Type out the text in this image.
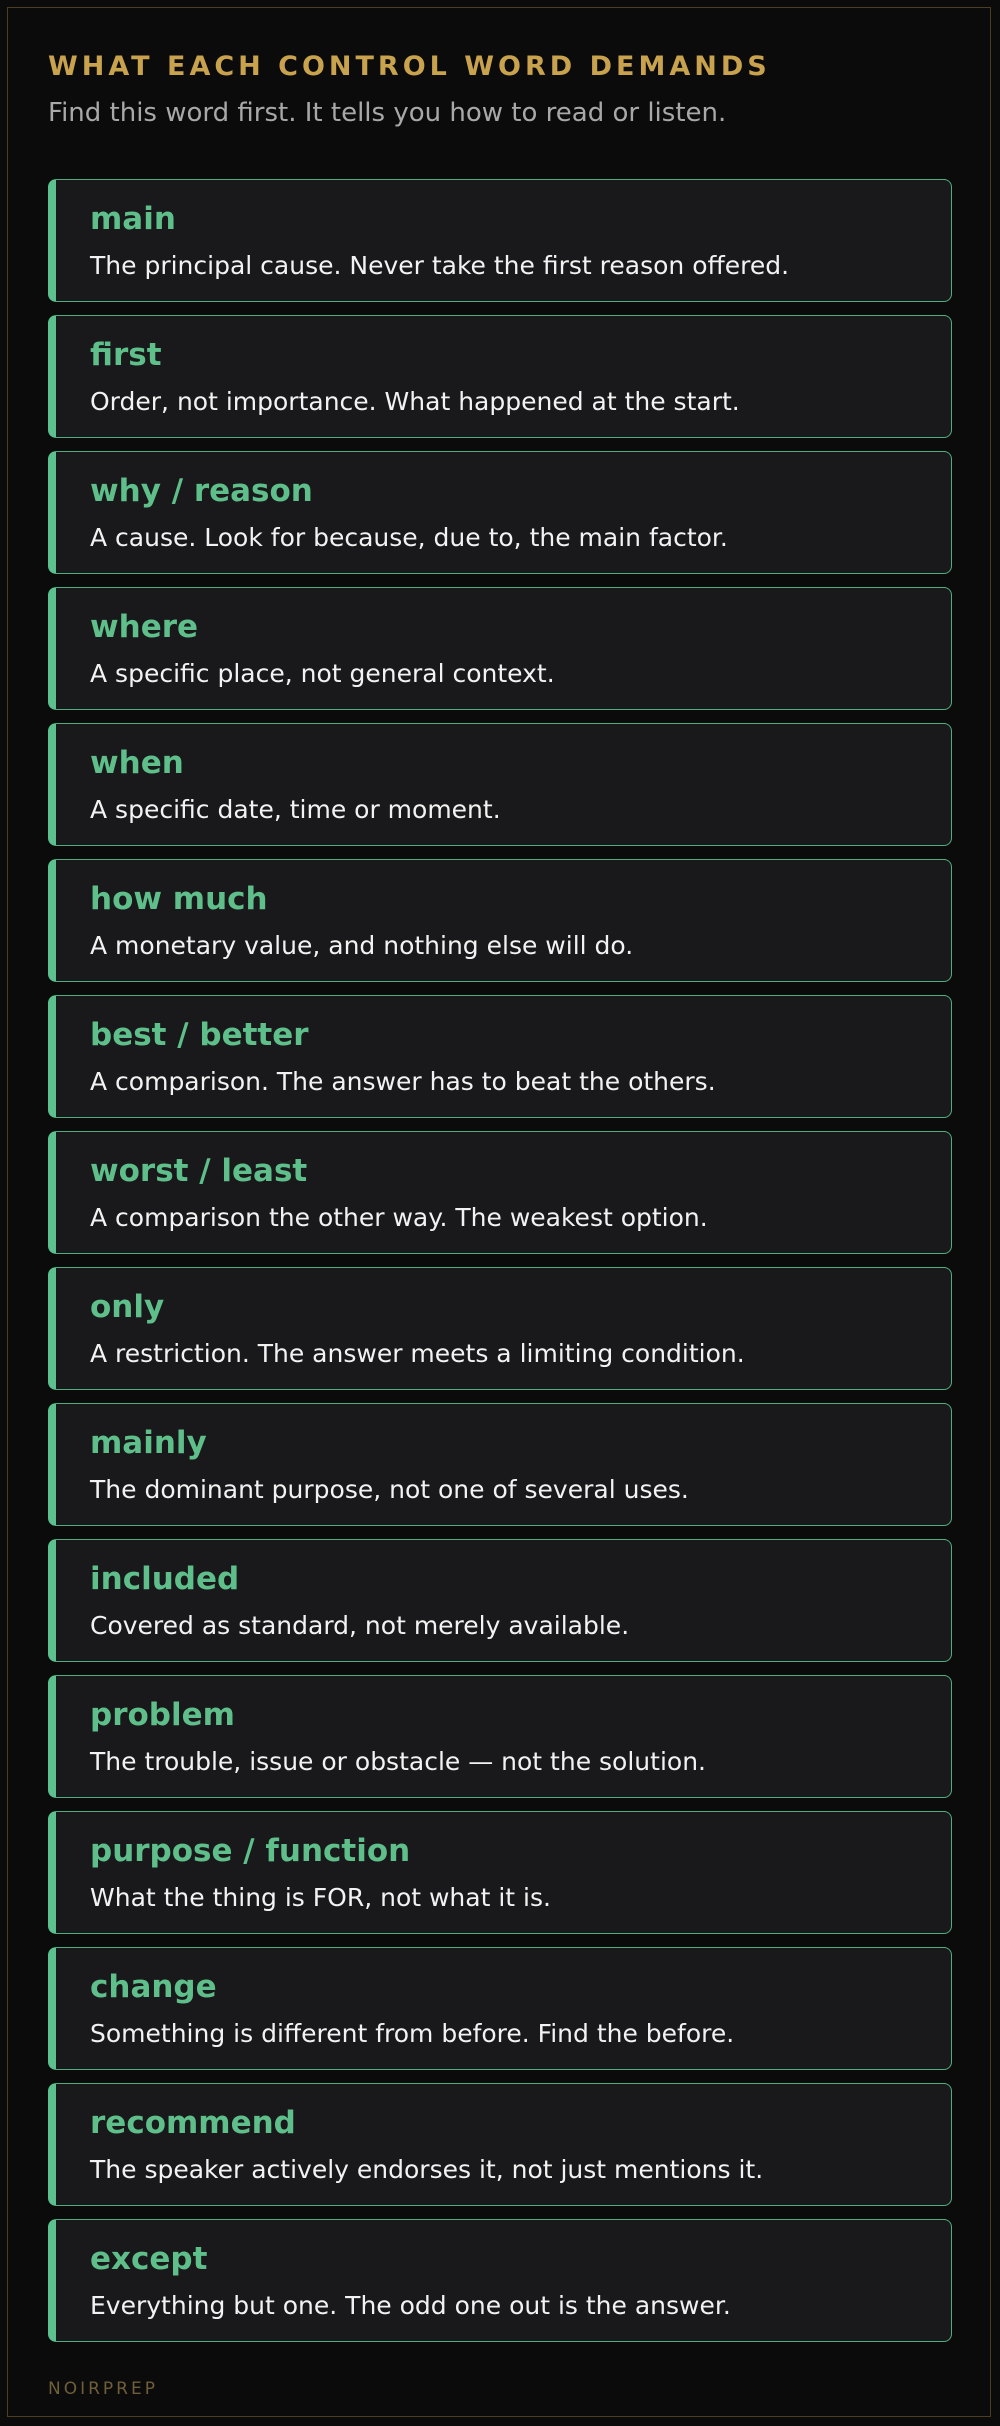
WHAT EACH CONTROL WORD DEMANDS

Find this word first. It tells you how to read or listen.

main
The principal cause. Never take the first reason offered.
first
Order, not importance. What happened at the start.
why / reason
A cause. Look for because, due to, the main factor.
where
A specific place, not general context.
when
A specific date, time or moment.
how much
A monetary value, and nothing else will do.
best / better
A comparison. The answer has to beat the others.
worst / least
A comparison the other way. The weakest option.
only
A restriction. The answer meets a limiting condition.
mainly
The dominant purpose, not one of several uses.
included
Covered as standard, not merely available.
problem
The trouble, issue or obstacle — not the solution.
purpose / function
What the thing is FOR, not what it is.
change
Something is different from before. Find the before.
recommend
The speaker actively endorses it, not just mentions it.
except
Everything but one. The odd one out is the answer.
NOIRPREP
